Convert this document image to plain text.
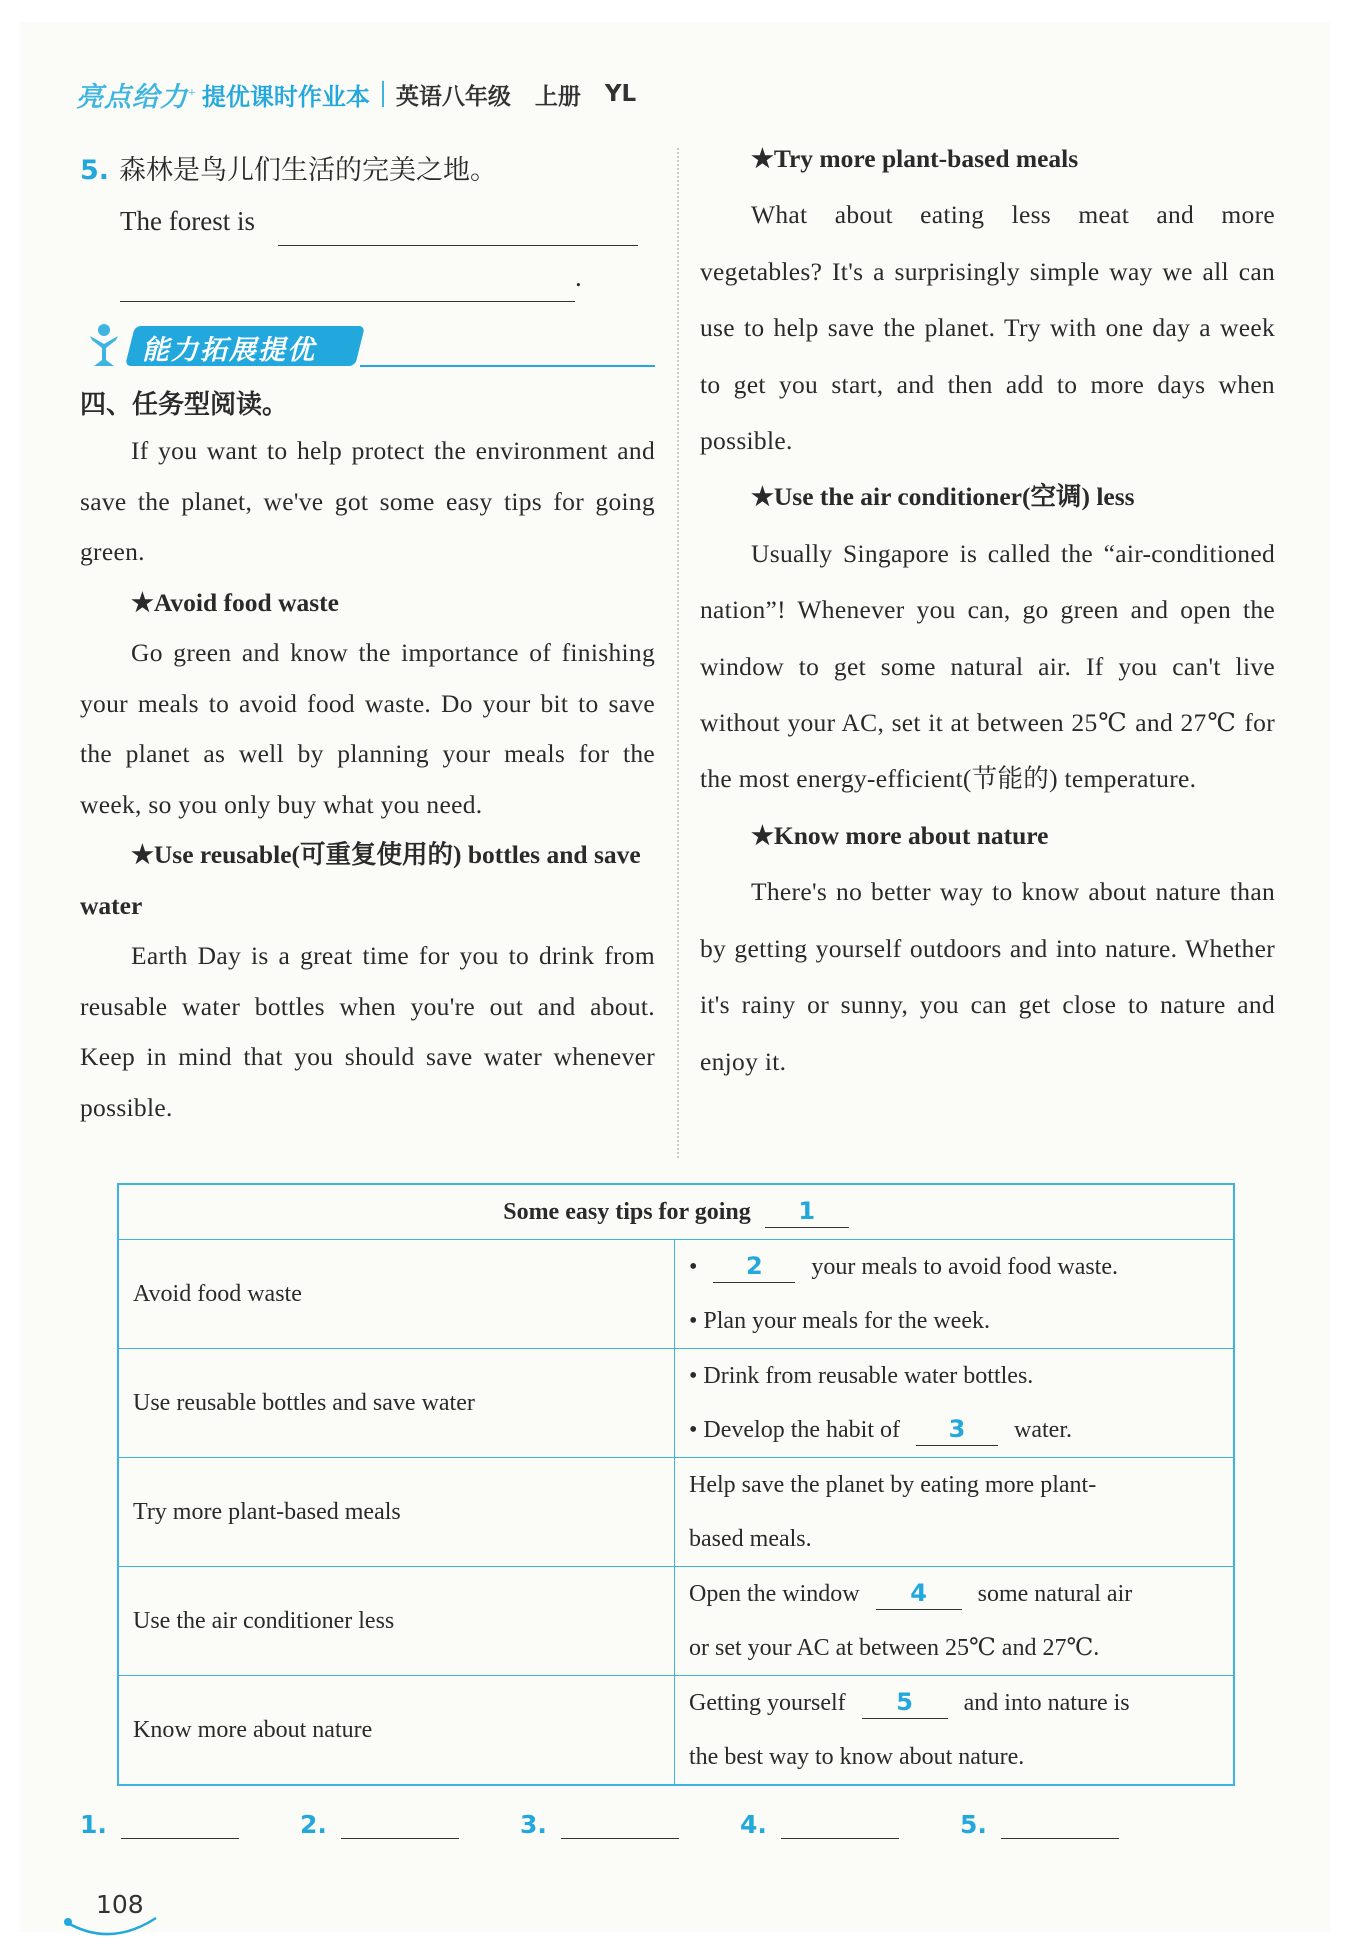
亮点给力 + 提优课时作业本 英语八年级 上册 YL
5. 森林是鸟儿们生活的完美之地。
The forest is
.
能力拓展提优
四、任务型阅读。

If you want to help protect the environment and save the planet, we've got some easy tips for going green.

★Avoid food waste

Go green and know the importance of finishing your meals to avoid food waste. Do your bit to save the planet as well by planning your meals for the week, so you only buy what you need.

★Use reusable(可重复使用的) bottles and save water

Earth Day is a great time for you to drink from reusable water bottles when you're out and about. Keep in mind that you should save water whenever possible.

★Try more plant-based meals

What about eating less meat and more vegetables? It's a surprisingly simple way we all can use to help save the planet. Try with one day a week to get you start, and then add to more days when possible.

★Use the air conditioner(空调) less

Usually Singapore is called the “air-conditioned nation”! Whenever you can, go green and open the window to get some natural air. If you can't live without your AC, set it at between 25℃ and 27℃ for the most energy-efficient(节能的) temperature.

★Know more about nature

There's no better way to know about nature than by getting yourself outdoors and into nature. Whether it's rainy or sunny, you can get close to nature and enjoy it.

Some easy tips for going 1	
Avoid food waste	• 2 your meals to avoid food waste.
• Plan your meals for the week.

Use reusable bottles and save water	• Drink from reusable water bottles.
• Develop the habit of 3 water.

Try more plant-based meals	Help save the planet by eating more plant-
based meals.

Use the air conditioner less	Open the window 4 some natural air
or set your AC at between 25℃ and 27℃.

Know more about nature	Getting yourself 5 and into nature is
the best way to know about nature.
1.	2.	3.	4.	5.
108
